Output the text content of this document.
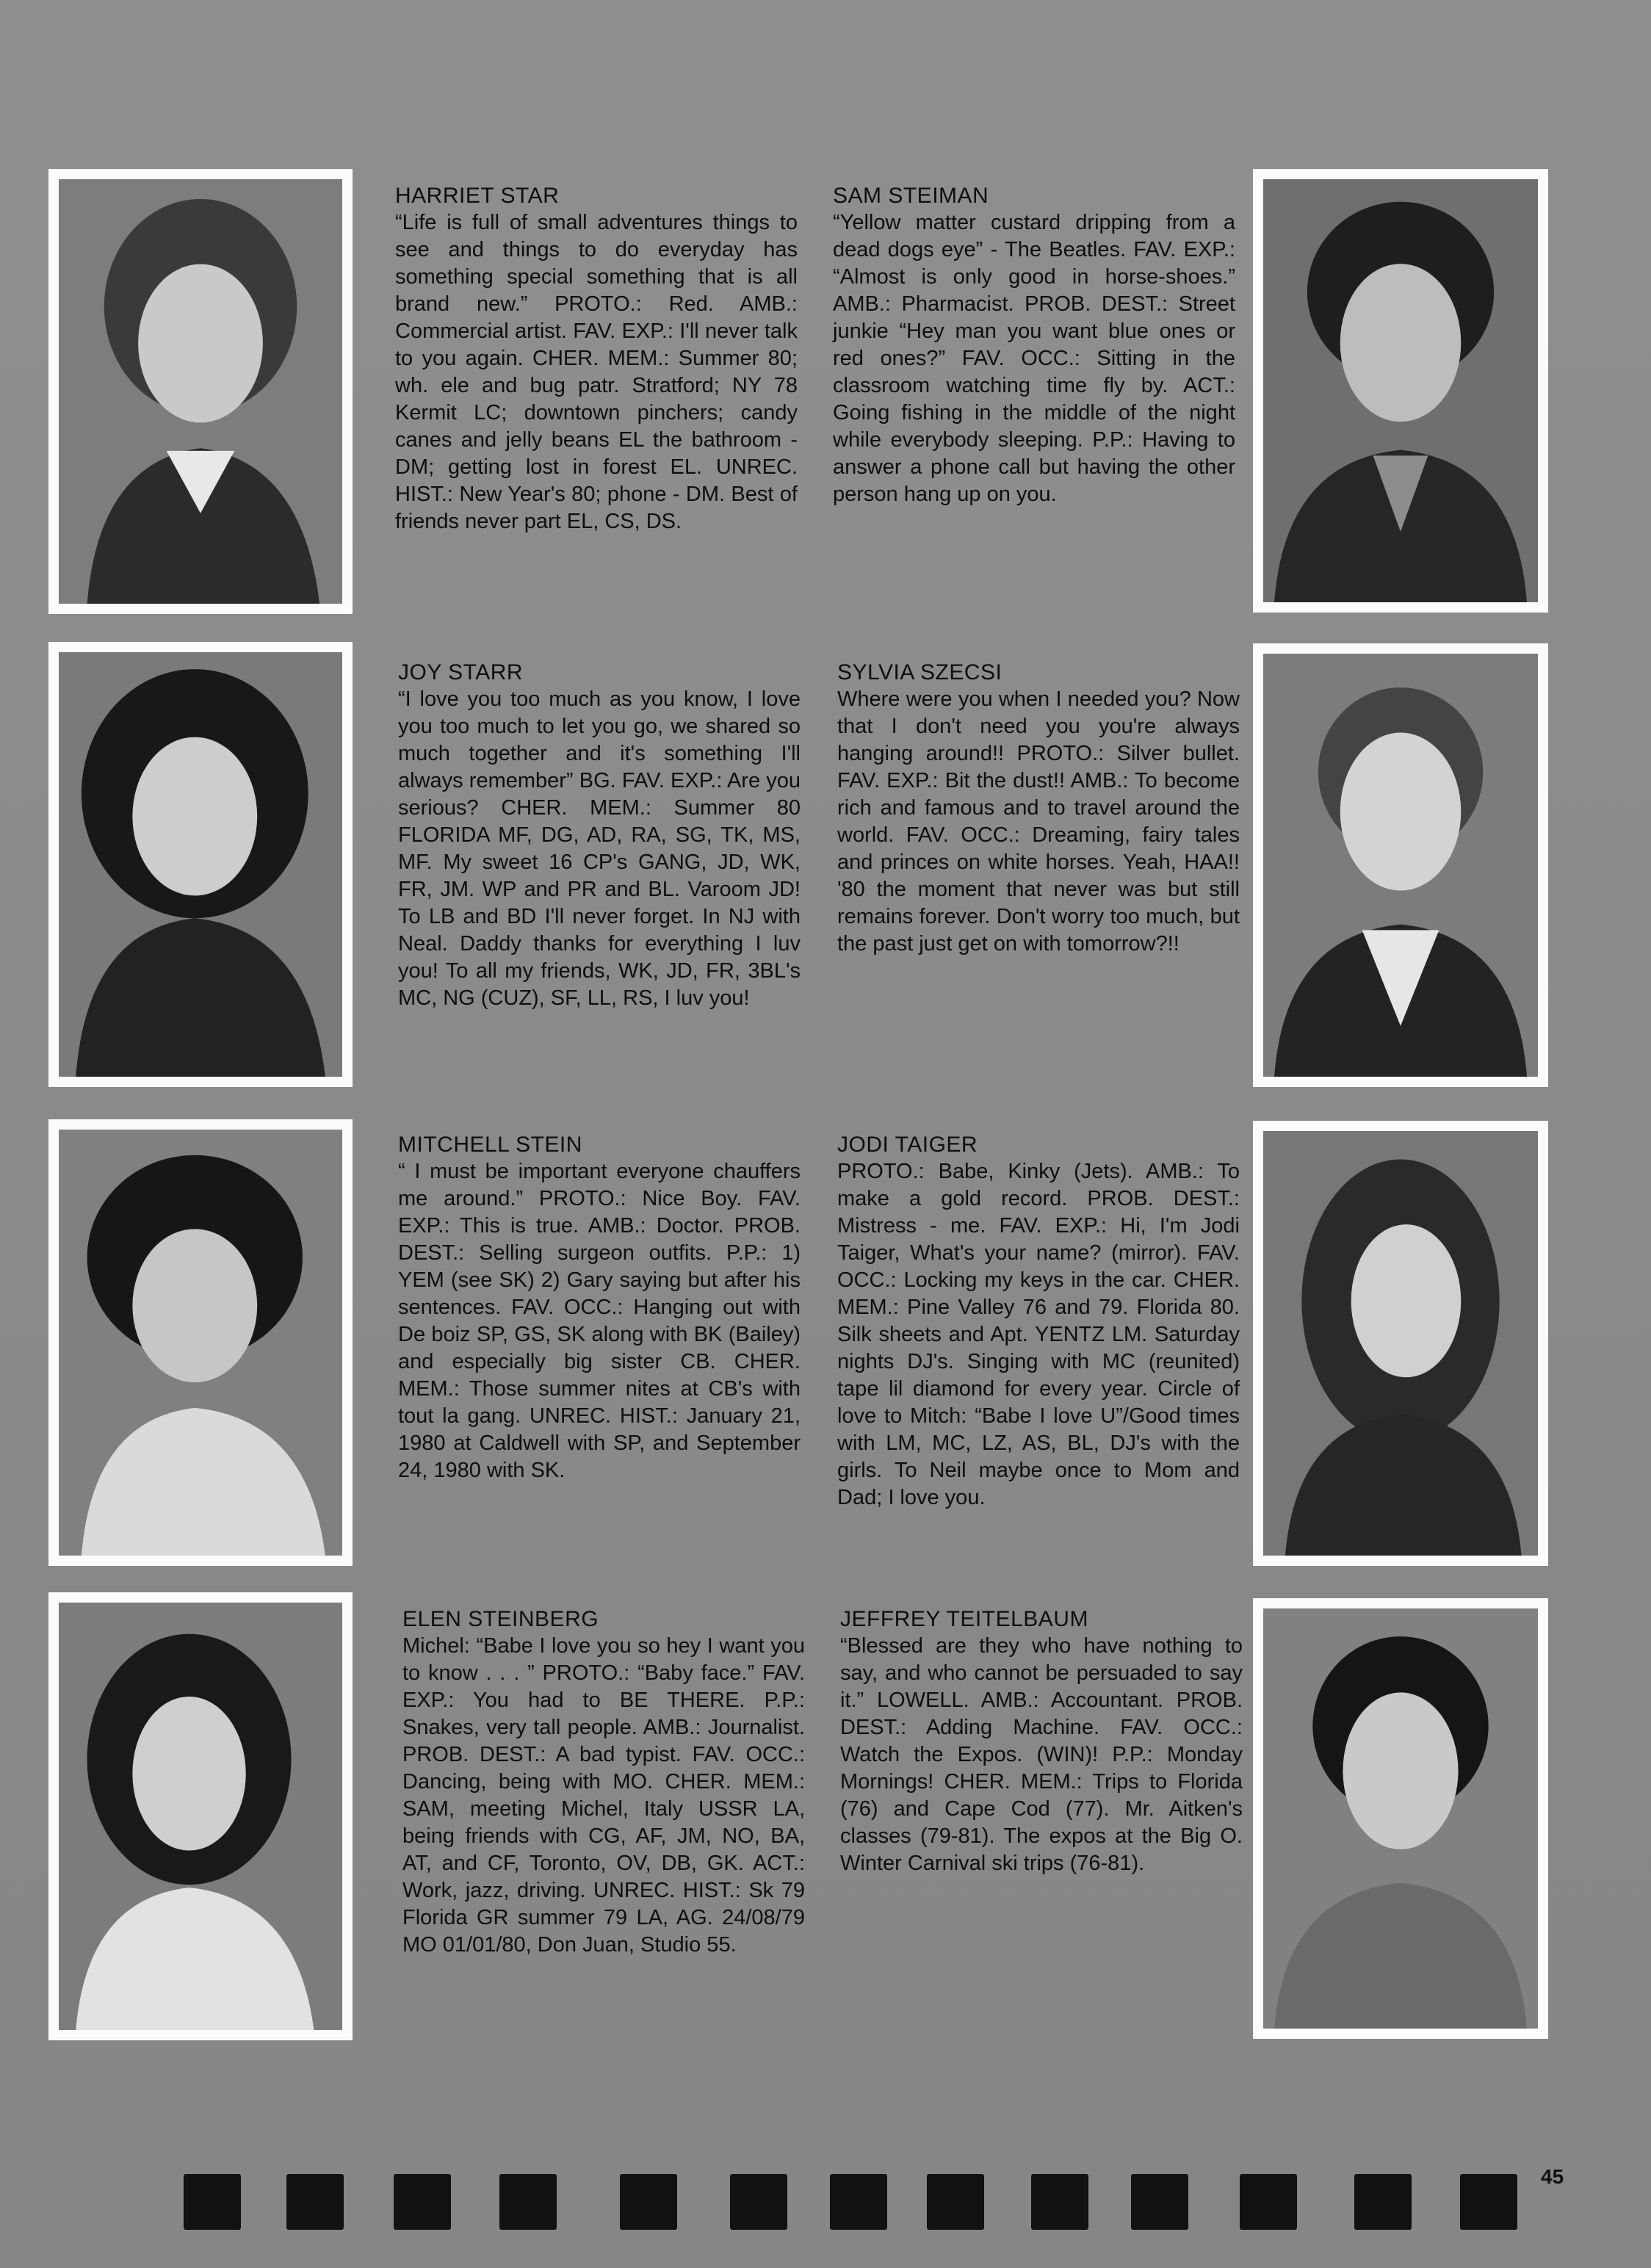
HARRIET STAR
“Life is full of small adventures things to see and things to do everyday has something special something that is all brand new.” PROTO.: Red. AMB.: Commercial artist. FAV. EXP.: I'll never talk to you again. CHER. MEM.: Summer 80; wh. ele and bug patr. Stratford; NY 78 Kermit LC; downtown pinchers; candy canes and jelly beans EL the bathroom - DM; getting lost in forest EL. UNREC. HIST.: New Year's 80; phone - DM. Best of friends never part EL, CS, DS.
SAM STEIMAN
“Yellow matter custard dripping from a dead dogs eye” - The Beatles. FAV. EXP.: “Almost is only good in horse-shoes.” AMB.: Pharmacist. PROB. DEST.: Street junkie “Hey man you want blue ones or red ones?” FAV. OCC.: Sitting in the classroom watching time fly by. ACT.: Going fishing in the middle of the night while everybody sleeping. P.P.: Having to answer a phone call but having the other person hang up on you.
JOY STARR
“I love you too much as you know, I love you too much to let you go, we shared so much together and it's something I'll always remember” BG. FAV. EXP.: Are you serious? CHER. MEM.: Summer 80 FLORIDA MF, DG, AD, RA, SG, TK, MS, MF. My sweet 16 CP's GANG, JD, WK, FR, JM. WP and PR and BL. Varoom JD! To LB and BD I'll never forget. In NJ with Neal. Daddy thanks for everything I luv you! To all my friends, WK, JD, FR, 3BL's MC, NG (CUZ), SF, LL, RS, I luv you!
SYLVIA SZECSI
Where were you when I needed you? Now that I don't need you you're always hanging around!! PROTO.: Silver bullet. FAV. EXP.: Bit the dust!! AMB.: To become rich and famous and to travel around the world. FAV. OCC.: Dreaming, fairy tales and princes on white horses. Yeah, HAA!! '80 the moment that never was but still remains forever. Don't worry too much, but the past just get on with tomorrow?!!
MITCHELL STEIN
“ I must be important everyone chauffers me around.” PROTO.: Nice Boy. FAV. EXP.: This is true. AMB.: Doctor. PROB. DEST.: Selling surgeon outfits. P.P.: 1) YEM (see SK) 2) Gary saying but after his sentences. FAV. OCC.: Hanging out with De boiz SP, GS, SK along with BK (Bailey) and especially big sister CB. CHER. MEM.: Those summer nites at CB's with tout la gang. UNREC. HIST.: January 21, 1980 at Caldwell with SP, and September 24, 1980 with SK.
JODI TAIGER
PROTO.: Babe, Kinky (Jets). AMB.: To make a gold record. PROB. DEST.: Mistress - me. FAV. EXP.: Hi, I'm Jodi Taiger, What's your name? (mirror). FAV. OCC.: Locking my keys in the car. CHER. MEM.: Pine Valley 76 and 79. Florida 80. Silk sheets and Apt. YENTZ LM. Saturday nights DJ's. Singing with MC (reunited) tape lil diamond for every year. Circle of love to Mitch: “Babe I love U”/Good times with LM, MC, LZ, AS, BL, DJ's with the girls. To Neil maybe once to Mom and Dad; I love you.
ELEN STEINBERG
Michel: “Babe I love you so hey I want you to know . . . ” PROTO.: “Baby face.” FAV. EXP.: You had to BE THERE. P.P.: Snakes, very tall people. AMB.: Journalist. PROB. DEST.: A bad typist. FAV. OCC.: Dancing, being with MO. CHER. MEM.: SAM, meeting Michel, Italy USSR LA, being friends with CG, AF, JM, NO, BA, AT, and CF, Toronto, OV, DB, GK. ACT.: Work, jazz, driving. UNREC. HIST.: Sk 79 Florida GR summer 79 LA, AG. 24/08/79 MO 01/01/80, Don Juan, Studio 55.
JEFFREY TEITELBAUM
“Blessed are they who have nothing to say, and who cannot be persuaded to say it.” LOWELL. AMB.: Accountant. PROB. DEST.: Adding Machine. FAV. OCC.: Watch the Expos. (WIN)! P.P.: Monday Mornings! CHER. MEM.: Trips to Florida (76) and Cape Cod (77). Mr. Aitken's classes (79-81). The expos at the Big O. Winter Carnival ski trips (76-81).
45
